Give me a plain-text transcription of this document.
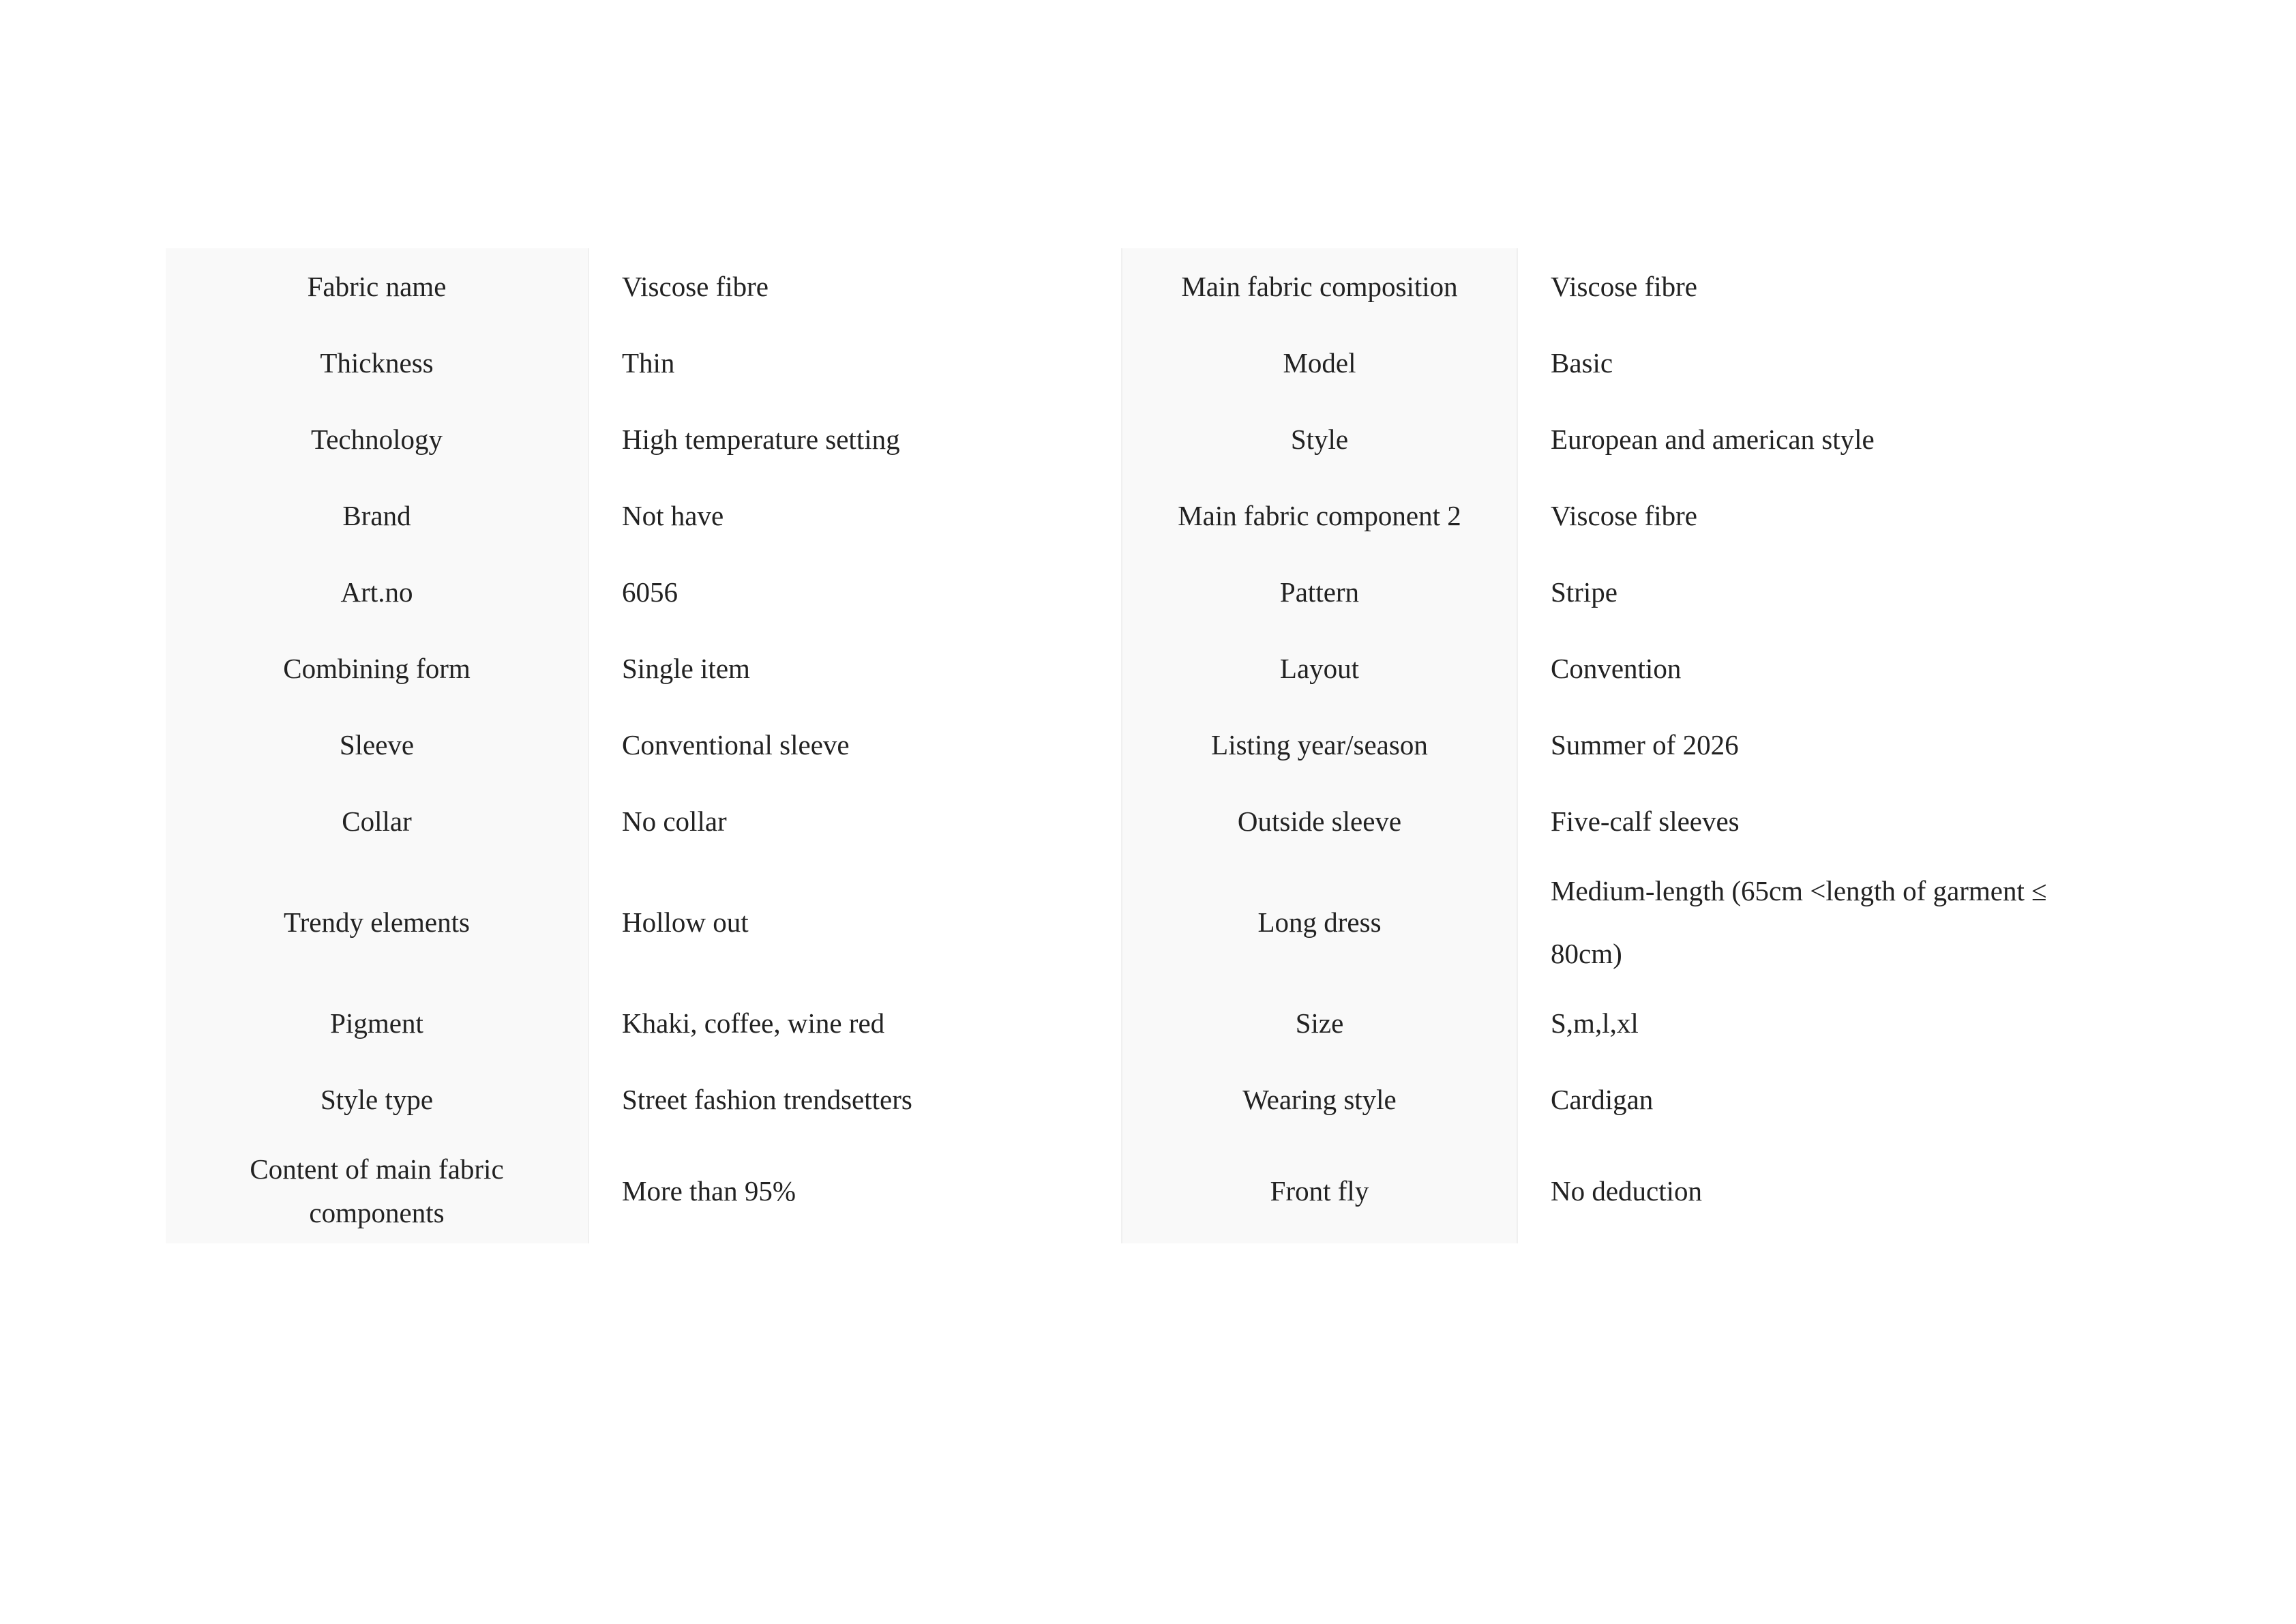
Fabric name	Viscose fibre	Main fabric composition	Viscose fibre
Thickness	Thin	Model	Basic
Technology	High temperature setting	Style	European and american style
Brand	Not have	Main fabric component 2	Viscose fibre
Art.no	6056	Pattern	Stripe
Combining form	Single item	Layout	Convention
Sleeve	Conventional sleeve	Listing year/season	Summer of 2026
Collar	No collar	Outside sleeve	Five-calf sleeves
Trendy elements	Hollow out	Long dress	Medium-length (65cm <length of garment ≤ 80cm)
Pigment	Khaki, coffee, wine red	Size	S,m,l,xl
Style type	Street fashion trendsetters	Wearing style	Cardigan
Content of main fabric components	More than 95%	Front fly	No deduction
